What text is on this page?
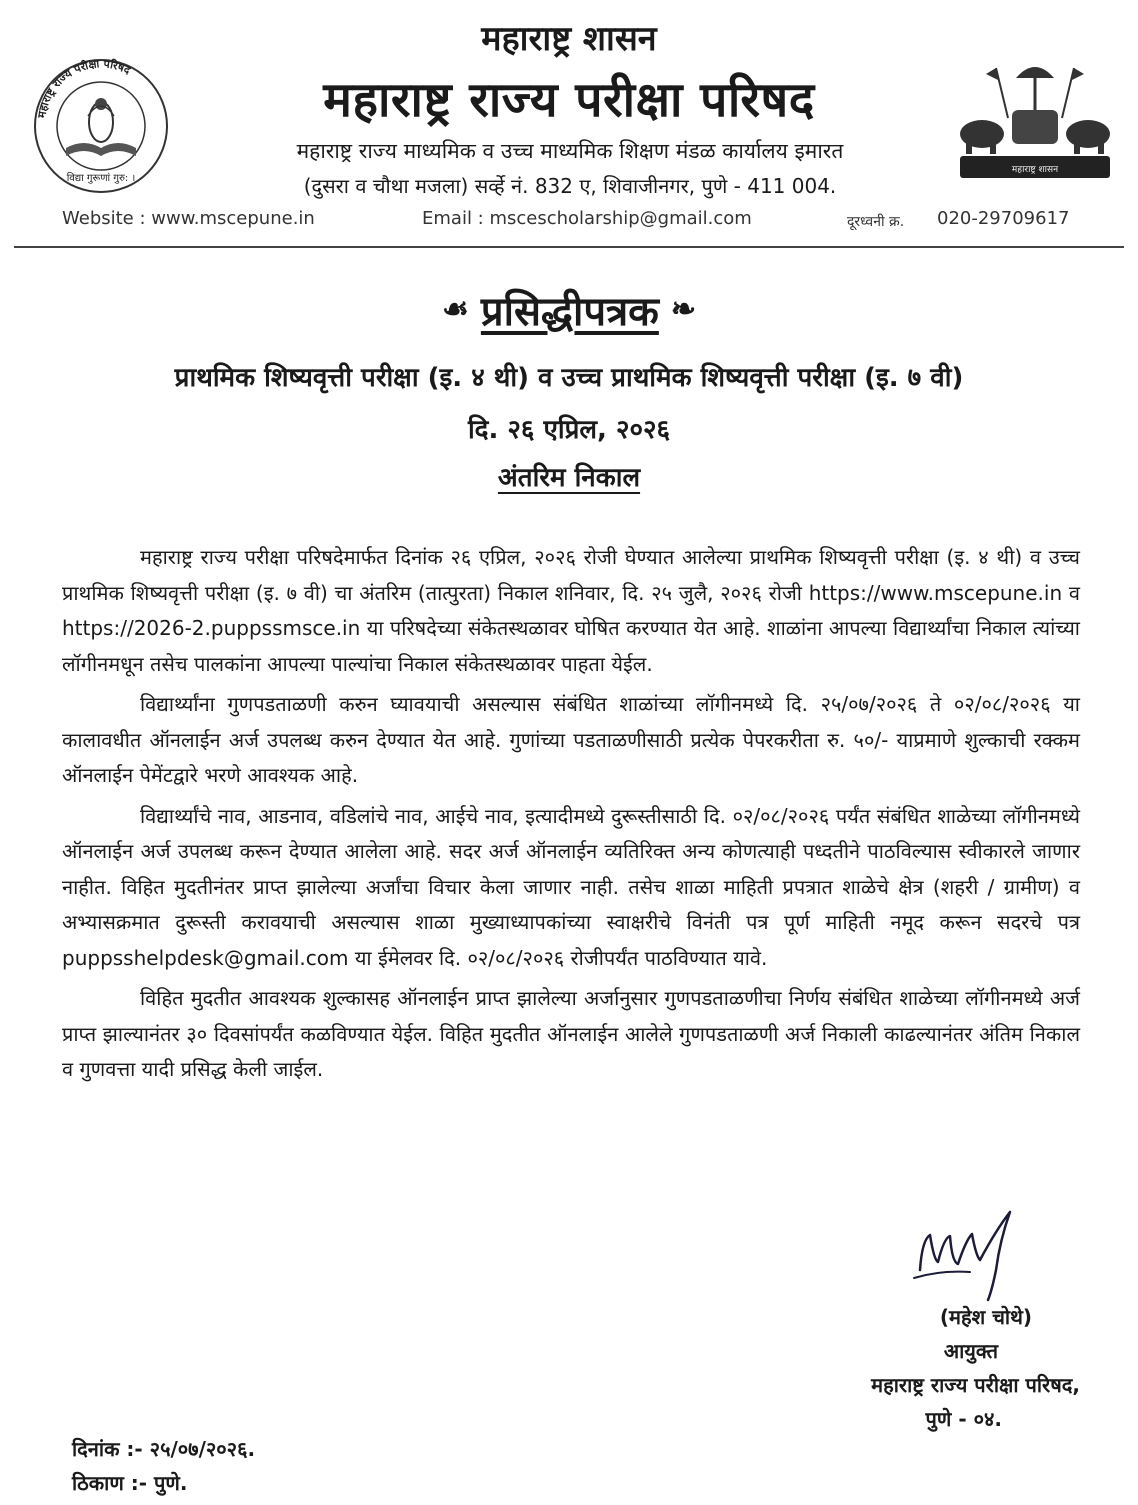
महाराष्ट्र राज्य परीक्षा परिषद
विद्या गुरूणां गुरु: ।
महाराष्ट्र शासन
महाराष्ट्र शासन
महाराष्ट्र राज्य परीक्षा परिषद
महाराष्ट्र राज्य माध्यमिक व उच्च माध्यमिक शिक्षण मंडळ कार्यालय इमारत
(दुसरा व चौथा मजला) सर्व्हे नं. 832 ए, शिवाजीनगर, पुणे - 411 004.
Website : www.mscepune.in	Email : mscescholarship@gmail.com	दूरध्वनी क्र. 020-29709617
☙ प्रसिद्धीपत्रक ❧
प्राथमिक शिष्यवृत्ती परीक्षा (इ. ४ थी) व उच्च प्राथमिक शिष्यवृत्ती परीक्षा (इ. ७ वी)
दि. २६ एप्रिल, २०२६
अंतरिम निकाल

महाराष्ट्र राज्य परीक्षा परिषदेमार्फत दिनांक २६ एप्रिल, २०२६ रोजी घेण्यात आलेल्या प्राथमिक शिष्यवृत्ती परीक्षा (इ. ४ थी) व उच्च प्राथमिक शिष्यवृत्ती परीक्षा (इ. ७ वी) चा अंतरिम (तात्पुरता) निकाल शनिवार, दि. २५ जुलै, २०२६ रोजी https://www.mscepune.in व https://2026-2.puppssmsce.in या परिषदेच्या संकेतस्थळावर घोषित करण्यात येत आहे. शाळांना आपल्या विद्यार्थ्यांचा निकाल त्यांच्या लॉगीनमधून तसेच पालकांना आपल्या पाल्यांचा निकाल संकेतस्थळावर पाहता येईल.

विद्यार्थ्यांना गुणपडताळणी करुन घ्यावयाची असल्यास संबंधित शाळांच्या लॉगीनमध्ये दि. २५/०७/२०२६ ते ०२/०८/२०२६ या कालावधीत ऑनलाईन अर्ज उपलब्ध करुन देण्यात येत आहे. गुणांच्या पडताळणीसाठी प्रत्येक पेपरकरीता रु. ५०/- याप्रमाणे शुल्काची रक्कम ऑनलाईन पेमेंटद्वारे भरणे आवश्यक आहे.

विद्यार्थ्यांचे नाव, आडनाव, वडिलांचे नाव, आईचे नाव, इत्यादीमध्ये दुरूस्तीसाठी दि. ०२/०८/२०२६ पर्यंत संबंधित शाळेच्या लॉगीनमध्ये ऑनलाईन अर्ज उपलब्ध करून देण्यात आलेला आहे. सदर अर्ज ऑनलाईन व्यतिरिक्त अन्य कोणत्याही पध्दतीने पाठविल्यास स्वीकारले जाणार नाहीत. विहित मुदतीनंतर प्राप्त झालेल्या अर्जांचा विचार केला जाणार नाही. तसेच शाळा माहिती प्रपत्रात शाळेचे क्षेत्र (शहरी / ग्रामीण) व अभ्यासक्रमात दुरूस्ती करावयाची असल्यास शाळा मुख्याध्यापकांच्या स्वाक्षरीचे विनंती पत्र पूर्ण माहिती नमूद करून सदरचे पत्र puppsshelpdesk@gmail.com या ईमेलवर दि. ०२/०८/२०२६ रोजीपर्यंत पाठविण्यात यावे.

विहित मुदतीत आवश्यक शुल्कासह ऑनलाईन प्राप्त झालेल्या अर्जानुसार गुणपडताळणीचा निर्णय संबंधित शाळेच्या लॉगीनमध्ये अर्ज प्राप्त झाल्यानंतर ३० दिवसांपर्यंत कळविण्यात येईल. विहित मुदतीत ऑनलाईन आलेले गुणपडताळणी अर्ज निकाली काढल्यानंतर अंतिम निकाल व गुणवत्ता यादी प्रसिद्ध केली जाईल.

(महेश चोथे)
आयुक्त
महाराष्ट्र राज्य परीक्षा परिषद,
पुणे - ०४.
दिनांक :- २५/०७/२०२६.
ठिकाण :- पुणे.
